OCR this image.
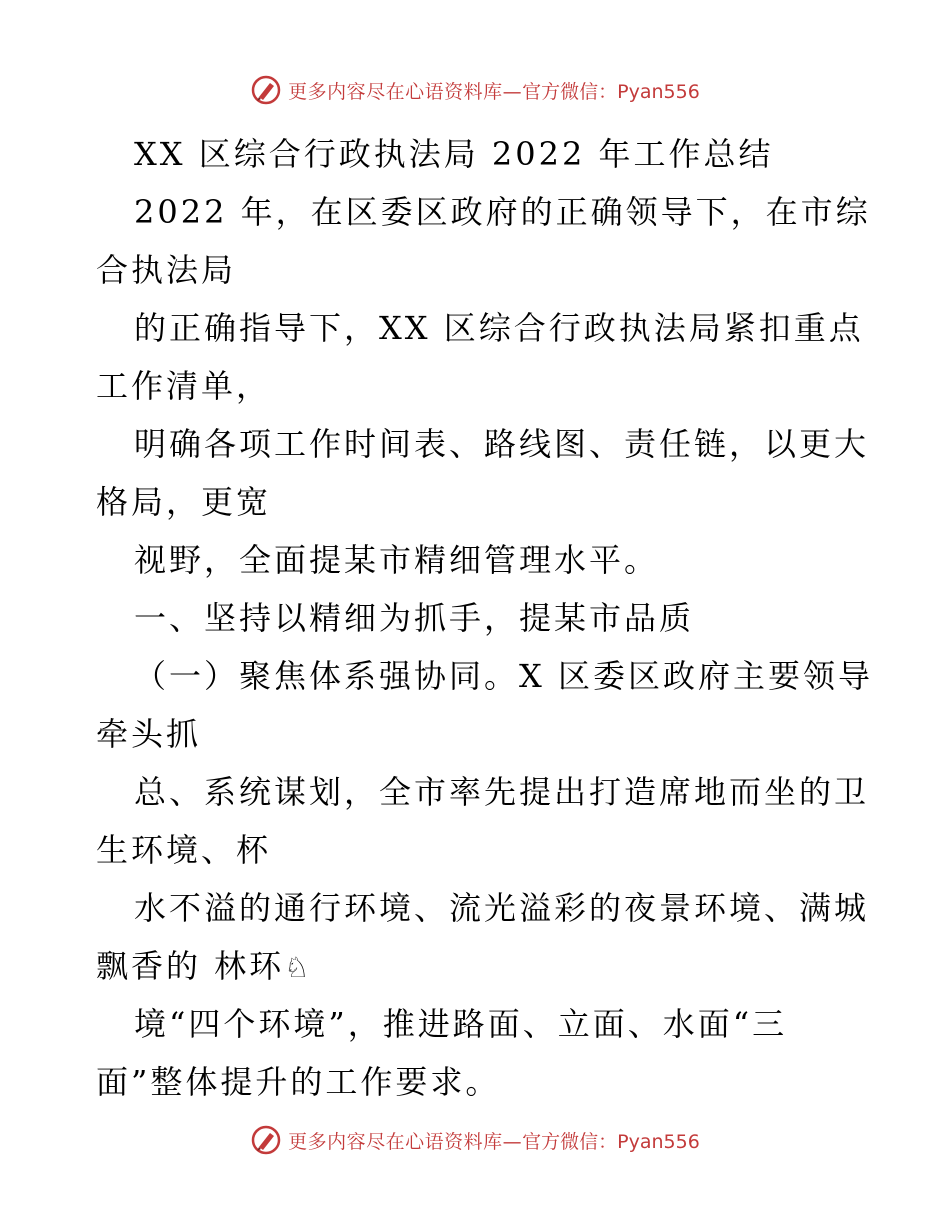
更多内容尽在心语资料库— 官方微信：Pyan556
XX 区综合行政执法局 2022 年工作总结
2022 年，在区委区政府的正确领导下，在市综
合执法局
的正确指导下，XX 区综合行政执法局紧扣重点
工作清单，
明确各项工作时间表、路线图、责任链，以更大
格局，更宽
视野，全面提某市精细管理水平。
一、坚持以精细为抓手，提某市品质
（一）聚焦体系强协同。X 区委区政府主要领导
牵头抓
总、系统谋划，全市率先提出打造席地而坐的卫
生环境、杯
水不溢的通行环境、流光溢彩的夜景环境、满城
飘香的 林环♘
境“四个环境”，推进路面、立面、水面“三
面”整体提升的工作要求。
更多内容尽在心语资料库— 官方微信：Pyan556
